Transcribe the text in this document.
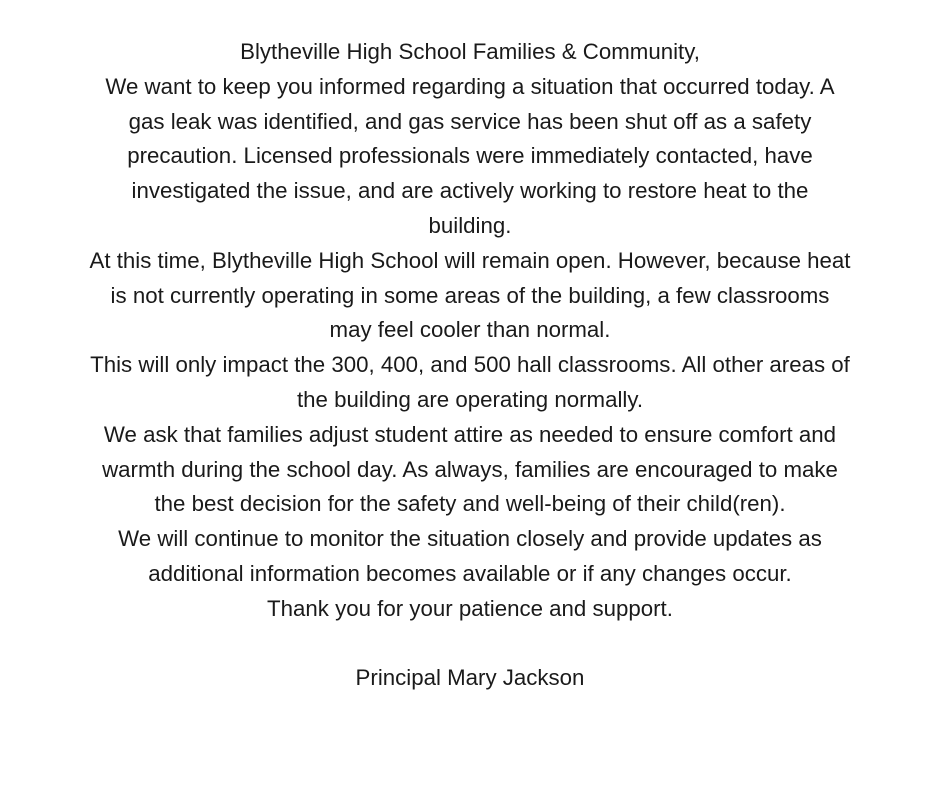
Blytheville High School Families & Community,
We want to keep you informed regarding a situation that occurred today. A
gas leak was identified, and gas service has been shut off as a safety
precaution. Licensed professionals were immediately contacted, have
investigated the issue, and are actively working to restore heat to the
building.
At this time, Blytheville High School will remain open. However, because heat
is not currently operating in some areas of the building, a few classrooms
may feel cooler than normal.
This will only impact the 300, 400, and 500 hall classrooms. All other areas of
the building are operating normally.
We ask that families adjust student attire as needed to ensure comfort and
warmth during the school day. As always, families are encouraged to make
the best decision for the safety and well-being of their child(ren).
We will continue to monitor the situation closely and provide updates as
additional information becomes available or if any changes occur.
Thank you for your patience and support.
Principal Mary Jackson
